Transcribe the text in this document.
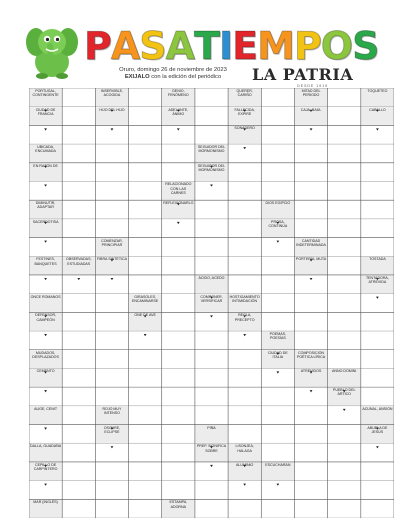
P A S A T I E M P O S
Oruro, domingo 26 de noviembre de 2023
EXIJALO con la edición del periódico	LA PATRIA
DESDE 1919
PORTUGAL, CONTINGENTE
CIUDAD DE FRANCIA
INSERVIBLE, ACOGIDA
HIJO DEL HIJO
GENIO, FENÓMENO
ADELANTE, ÁNIMO
QUERER, CARIÑO
FALLECIDA, EXPIRE
SONADERO
MITAD DEL PERIODO
CAJA, BAÚL
TOQUETEO
CABALLO
UBICADA, ENCUMADA
EN RAZÓN DE
SEGUIDOR DEL MORMONISMO
SEGUIDOR DEL MORMONISMO
RELACIONADO CON LAS CARNES
REFLEXIONARLO
DIMINUTIR, ADAPTAR
SACERDOTISA
DIOS EGIPCIO
PROSA, CONTINÚA
CANTIDAD INDETERMINADA
PORTERÍA, MUTA
FESTINES, BANQUETES
OBSERVADAS, ESTUDIADAS
COMENZAR, PRINCIPIAR
FIBRA SINTÉTICA	TOSTADA
ÁCIDO, ACEDO
COMPONER, VERSIFICAR
TENTADORA, ATREVIDA
ONCE ROMANOS
DEFENSOR, CAMPEÓN
GIRASOLES, ENCAMINARSE
ONE DE AVE
HOSTIGAMIENTO INTIMIDACIÓN
REGLA, PRECEPTO
POEMAS, POESÍAS
CIUDAD DE ITALIA
MUDADOS, DESPLAZADOS
CEMENTO
COMPOSICIÓN POÉTICA LÍRICA
ATREVIDOS	ANNO DOMINI
PUEBLO DEL ÁRTICO
AUGE, CENIT	ROJO MUY INTENSO
OSCURE, ECLIPSE
ACUNAL, ANSIÓN
PIÑA
PREP. SIGNIFICA SOBRE
ABUELA DE JESÚS
DALLA, GUADAÑA
CEPILLO DE CARPINTERO
LISONJEA, HALAGA
ALUMINIO	ESCUCHARÁN
MAR (INGLÉS)	ESTAMPA, ADORNA
